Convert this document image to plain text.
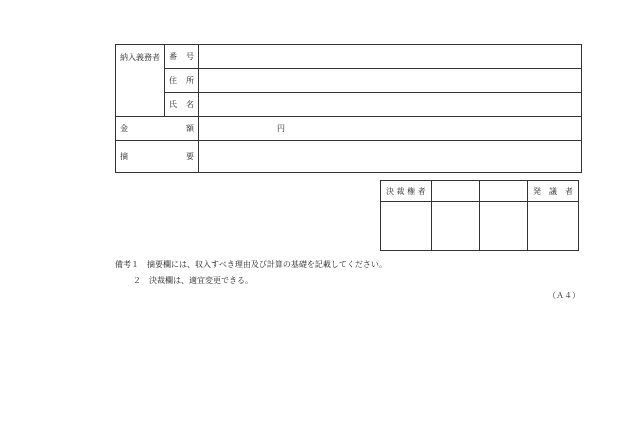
納入義務者	番 号	

	住 所	

	氏 名	

金 額		円

摘 要		

決 裁 権 者			発　議　者

備考１　摘要欄には、収入すべき理由及び計算の基礎を記載してください。
２　決裁欄は、適宜変更できる。
（Ａ４）
